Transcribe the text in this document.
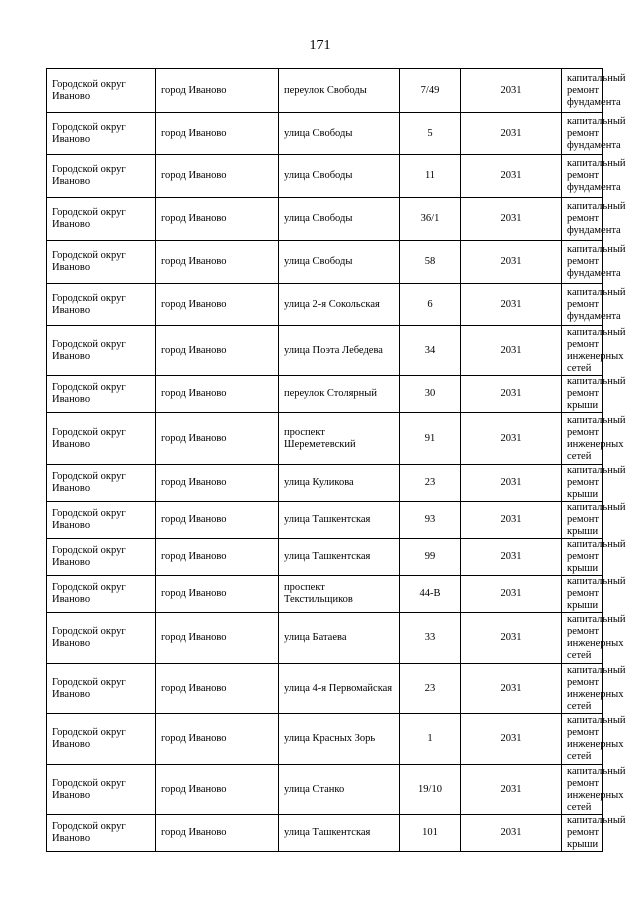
171
Городской округ Иваново	город Иваново	переулок Свободы	7/49	2031	капитальный ремонт фундамента
Городской округ Иваново	город Иваново	улица Свободы	5	2031	капитальный ремонт фундамента
Городской округ Иваново	город Иваново	улица Свободы	11	2031	капитальный ремонт фундамента
Городской округ Иваново	город Иваново	улица Свободы	36/1	2031	капитальный ремонт фундамента
Городской округ Иваново	город Иваново	улица Свободы	58	2031	капитальный ремонт фундамента
Городской округ Иваново	город Иваново	улица 2-я Сокольская	6	2031	капитальный ремонт фундамента
Городской округ Иваново	город Иваново	улица Поэта Лебедева	34	2031	капитальный ремонт инженерных сетей
Городской округ Иваново	город Иваново	переулок Столярный	30	2031	капитальный ремонт крыши
Городской округ Иваново	город Иваново	проспект Шереметевский	91	2031	капитальный ремонт инженерных сетей
Городской округ Иваново	город Иваново	улица Куликова	23	2031	капитальный ремонт крыши
Городской округ Иваново	город Иваново	улица Ташкентская	93	2031	капитальный ремонт крыши
Городской округ Иваново	город Иваново	улица Ташкентская	99	2031	капитальный ремонт крыши
Городской округ Иваново	город Иваново	проспект Текстильщиков	44-В	2031	капитальный ремонт крыши
Городской округ Иваново	город Иваново	улица Батаева	33	2031	капитальный ремонт инженерных сетей
Городской округ Иваново	город Иваново	улица 4-я Первомайская	23	2031	капитальный ремонт инженерных сетей
Городской округ Иваново	город Иваново	улица Красных Зорь	1	2031	капитальный ремонт инженерных сетей
Городской округ Иваново	город Иваново	улица Станко	19/10	2031	капитальный ремонт инженерных сетей
Городской округ Иваново	город Иваново	улица Ташкентская	101	2031	капитальный ремонт крыши
